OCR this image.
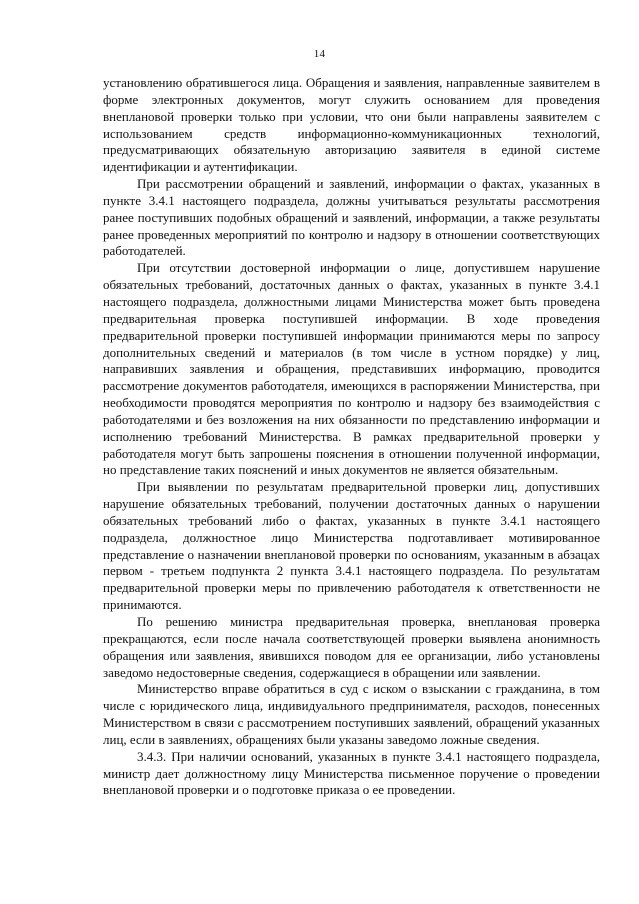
14

установлению обратившегося лица. Обращения и заявления, направленные заявителем в форме электронных документов, могут служить основанием для проведения внеплановой проверки только при условии, что они были направлены заявителем с использованием средств информационно-коммуникационных технологий, предусматривающих обязательную авторизацию заявителя в единой системе идентификации и аутентификации.

При рассмотрении обращений и заявлений, информации о фактах, указанных в пункте 3.4.1 настоящего подраздела, должны учитываться результаты рассмотрения ранее поступивших подобных обращений и заявлений, информации, а также результаты ранее проведенных мероприятий по контролю и надзору в отношении соответствующих работодателей.

При отсутствии достоверной информации о лице, допустившем нарушение обязательных требований, достаточных данных о фактах, указанных в пункте 3.4.1 настоящего подраздела, должностными лицами Министерства может быть проведена предварительная проверка поступившей информации. В ходе проведения предварительной проверки поступившей информации принимаются меры по запросу дополнительных сведений и материалов (в том числе в устном порядке) у лиц, направивших заявления и обращения, представивших информацию, проводится рассмотрение документов работодателя, имеющихся в распоряжении Министерства, при необходимости проводятся мероприятия по контролю и надзору без взаимодействия с работодателями и без возложения на них обязанности по представлению информации и исполнению требований Министерства. В рамках предварительной проверки у работодателя могут быть запрошены пояснения в отношении полученной информации, но представление таких пояснений и иных документов не является обязательным.

При выявлении по результатам предварительной проверки лиц, допустивших нарушение обязательных требований, получении достаточных данных о нарушении обязательных требований либо о фактах, указанных в пункте 3.4.1 настоящего подраздела, должностное лицо Министерства подготавливает мотивированное представление о назначении внеплановой проверки по основаниям, указанным в абзацах первом - третьем подпункта 2 пункта 3.4.1 настоящего подраздела. По результатам предварительной проверки меры по привлечению работодателя к ответственности не принимаются.

По решению министра предварительная проверка, внеплановая проверка прекращаются, если после начала соответствующей проверки выявлена анонимность обращения или заявления, явившихся поводом для ее организации, либо установлены заведомо недостоверные сведения, содержащиеся в обращении или заявлении.

Министерство вправе обратиться в суд с иском о взыскании с гражданина, в том числе с юридического лица, индивидуального предпринимателя, расходов, понесенных Министерством в связи с рассмотрением поступивших заявлений, обращений указанных лиц, если в заявлениях, обращениях были указаны заведомо ложные сведения.

3.4.3. При наличии оснований, указанных в пункте 3.4.1 настоящего подраздела, министр дает должностному лицу Министерства письменное поручение о проведении внеплановой проверки и о подготовке приказа о ее проведении.
